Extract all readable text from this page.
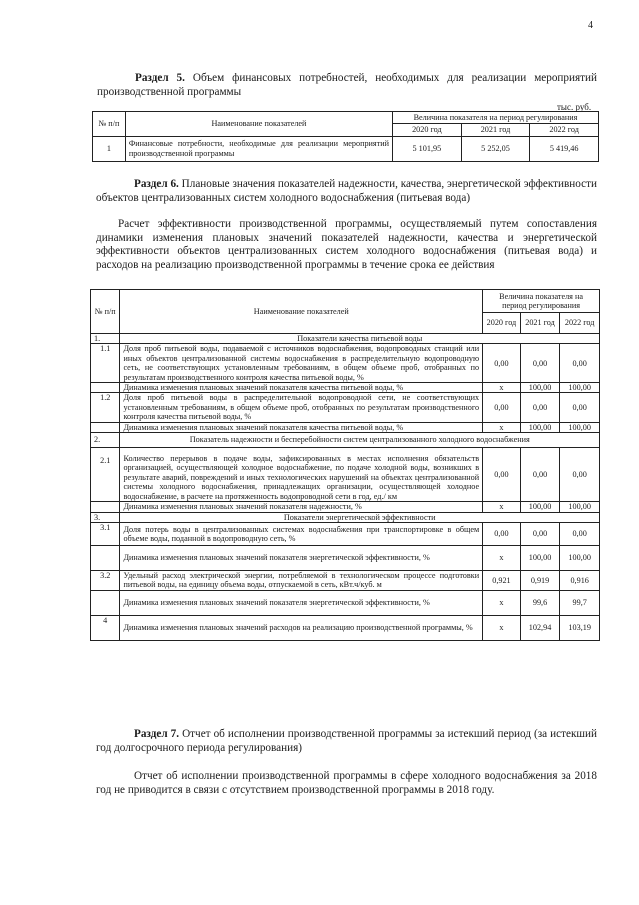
4

Раздел 5. Объем финансовых потребностей, необходимых для реализации мероприятий производственной программы

тыс. руб.
№ п/п	Наименование показателей	Величина показателя на период регулирования		
		2020 год	2021 год	2022 год
1	Финансовые потребности, необходимые для реализации мероприятий производственной программы	5 101,95	5 252,05	5 419,46

Раздел 6. Плановые значения показателей надежности, качества, энергетической эффективности объектов централизованных систем холодного водоснабжения (питьевая вода)

Расчет эффективности производственной программы, осуществляемый путем сопоставления динамики изменения плановых значений показателей надежности, качества и энергетической эффективности объектов централизованных систем холодного водоснабжения (питьевая вода) и расходов на реализацию производственной программы в течение срока ее действия

№ п/п	Наименование показателей	Величина показателя на период регулирования		
		2020 год	2021 год	2022 год
1.	Показатели качества питьевой воды			
1.1	Доля проб питьевой воды, подаваемой с источников водоснабжения, водопроводных станций или иных объектов централизованной системы водоснабжения в распределительную водопроводную сеть, не соответствующих установленным требованиям, в общем объеме проб, отобранных по результатам производственного контроля качества питьевой воды, %	0,00	0,00	0,00
	Динамика изменения плановых значений показателя качества питьевой воды, %	x	100,00	100,00
1.2	Доля проб питьевой воды в распределительной водопроводной сети, не соответствующих установленным требованиям, в общем объеме проб, отобранных по результатам производственного контроля качества питьевой воды, %	0,00	0,00	0,00
	Динамика изменения плановых значений показателя качества питьевой воды, %	x	100,00	100,00
2.	Показатель надежности и бесперебойности систем централизованного холодного водоснабжения			
2.1	Количество перерывов в подаче воды, зафиксированных в местах исполнения обязательств организацией, осуществляющей холодное водоснабжение, по подаче холодной воды, возникших в результате аварий, повреждений и иных технологических нарушений на объектах централизованной системы холодного водоснабжения, принадлежащих организации, осуществляющей холодное водоснабжение, в расчете на протяженность водопроводной сети в год, ед./ км	0,00	0,00	0,00
	Динамика изменения плановых значений показателя надежности, %	x	100,00	100,00
3.	Показатели энергетической эффективности			
3.1	Доля потерь воды в централизованных системах водоснабжения при транспортировке в общем объеме воды, поданной в водопроводную сеть, %	0,00	0,00	0,00
	Динамика изменения плановых значений показателя энергетической эффективности, %	x	100,00	100,00
3.2	Удельный расход электрической энергии, потребляемой в технологическом процессе подготовки питьевой воды, на единицу объема воды, отпускаемой в сеть, кВт.ч/куб. м	0,921	0,919	0,916
	Динамика изменения плановых значений показателя энергетической эффективности, %	x	99,6	99,7
4	Динамика изменения плановых значений расходов на реализацию производственной программы, %	x	102,94	103,19

Раздел 7. Отчет об исполнении производственной программы за истекший период (за истекший год долгосрочного периода регулирования)

Отчет об исполнении производственной программы в сфере холодного водоснабжения за 2018 год не приводится в связи с отсутствием производственной программы в 2018 году.
